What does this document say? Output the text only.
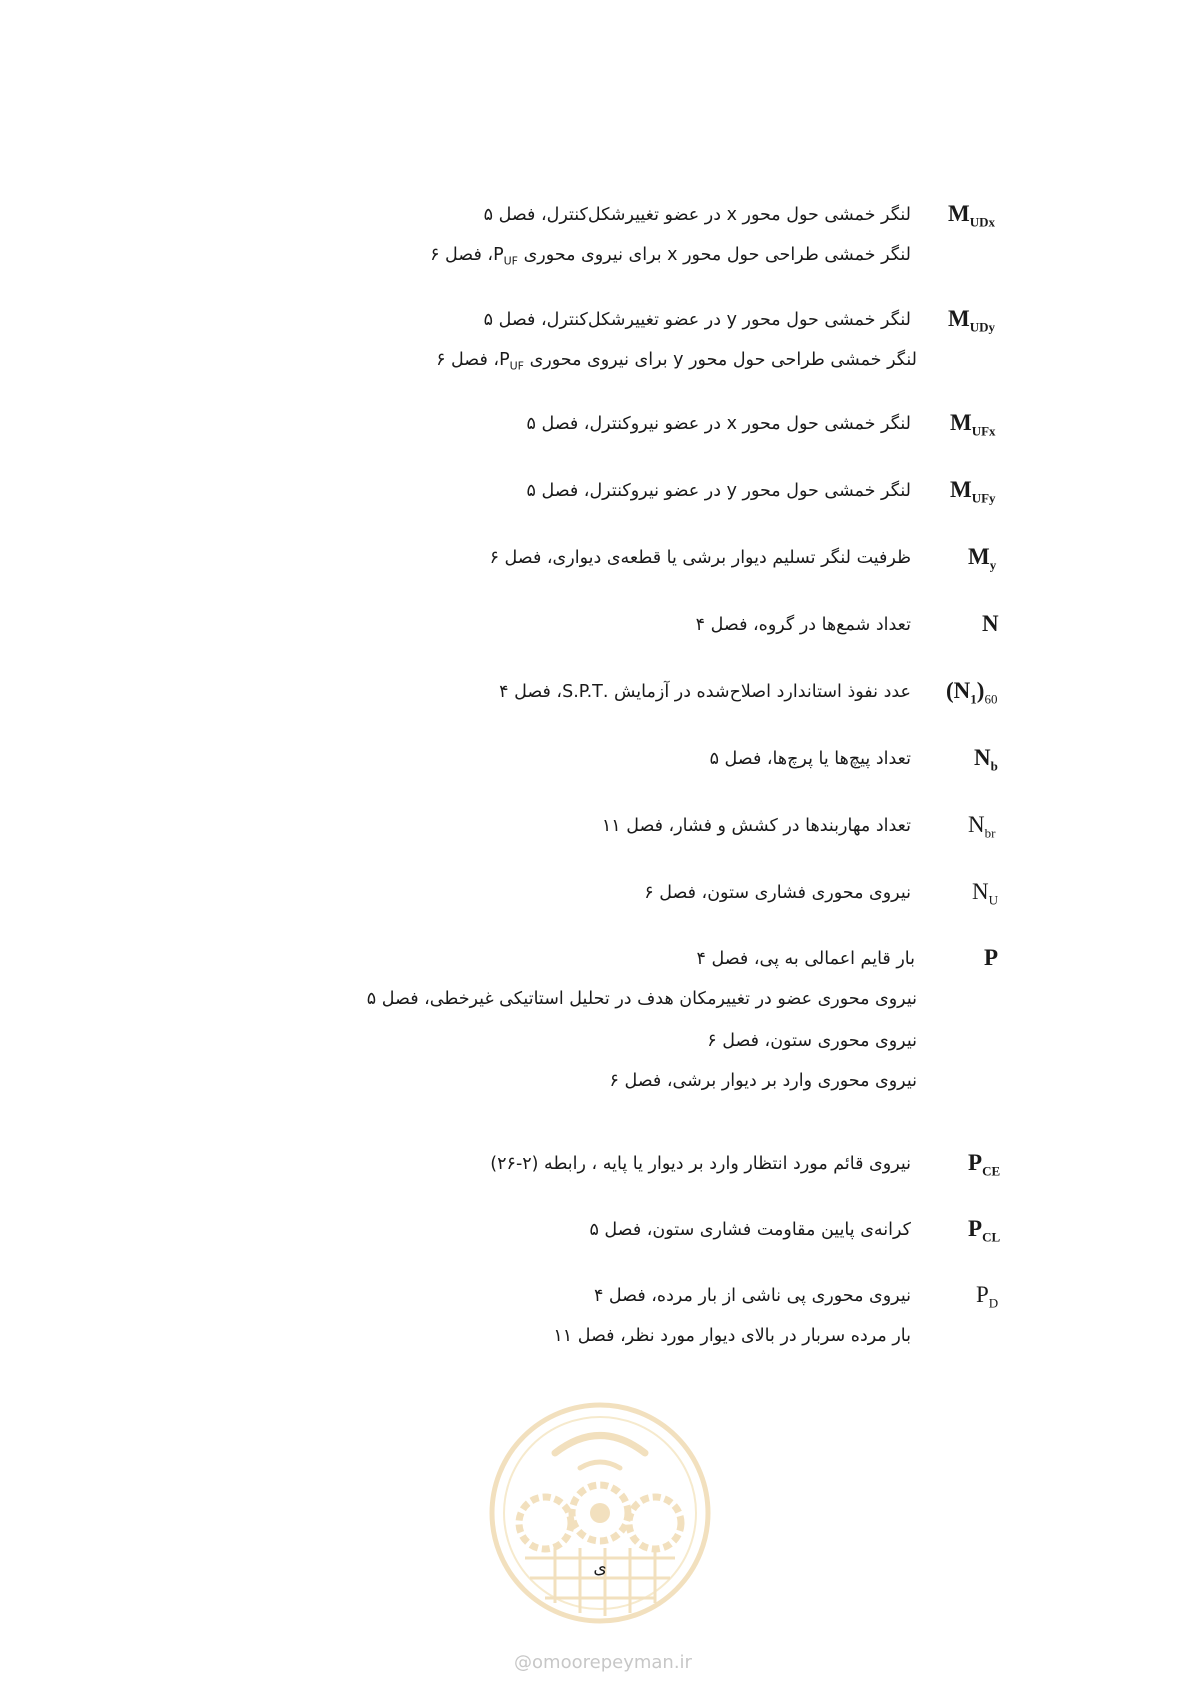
$M_{UDx}$
لنگر خمشی حول محور x در عضو تغییرشکل‌کنترل، فصل ۵
لنگر خمشی طراحی حول محور x برای نیروی محوری $P_{UF}،$ فصل ۶
$M_{UDy}$
لنگر خمشی حول محور y در عضو تغییرشکل‌کنترل، فصل ۵
لنگر خمشی طراحی حول محور y برای نیروی محوری $P_{UF}،$ فصل ۶
$M_{UFx}$
لنگر خمشی حول محور x در عضو نیروکنترل، فصل ۵
$M_{UFy}$
لنگر خمشی حول محور y در عضو نیروکنترل، فصل ۵
$M_y$
ظرفیت لنگر تسلیم دیوار برشی یا قطعه‌ی دیواری، فصل ۶
N
تعداد شمع‌ها در گروه، فصل ۴
$(N_1)_{60}$
عدد نفوذ استاندارد اصلاح‌شده در آزمایش .S.P.T، فصل ۴
$N_b$
تعداد پیچ‌ها یا پرچ‌ها، فصل ۵
$N_{br}$
تعداد مهاربندها در کشش و فشار، فصل ۱۱
$N_U$
نیروی محوری فشاری ستون، فصل ۶
P
بار قایم اعمالی به پی، فصل ۴
نیروی محوری عضو در تغییرمکان هدف در تحلیل استاتیکی غیرخطی، فصل ۵
نیروی محوری ستون، فصل ۶
نیروی محوری وارد بر دیوار برشی، فصل ۶
$P_{CE}$
نیروی قائم مورد انتظار وارد بر دیوار یا پایه ، رابطه (۲-۲۶)
$P_{CL}$
کرانه‌ی پایین مقاومت فشاری ستون، فصل ۵
$P_D$
نیروی محوری پی ناشی از بار مرده، فصل ۴
بار مرده سربار در بالای دیوار مورد نظر، فصل ۱۱
ی
@omoorepeyman.ir
